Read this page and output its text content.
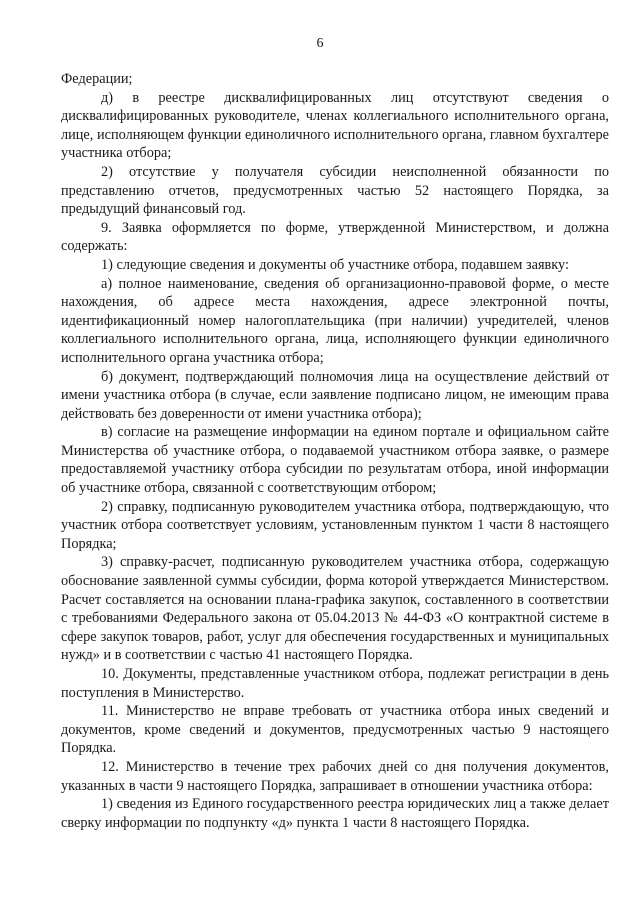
6

Федерации;

д) в реестре дисквалифицированных лиц отсутствуют сведения о дисквалифицированных руководителе, членах коллегиального исполнительного органа, лице, исполняющем функции единоличного исполнительного органа, главном бухгалтере участника отбора;

2) отсутствие у получателя субсидии неисполненной обязанности по представлению отчетов, предусмотренных частью 52 настоящего Порядка, за предыдущий финансовый год.

9. Заявка оформляется по форме, утвержденной Министерством, и должна содержать:

1) следующие сведения и документы об участнике отбора, подавшем заявку:

а) полное наименование, сведения об организационно-правовой форме, о месте нахождения, об адресе места нахождения, адресе электронной почты, идентификационный номер налогоплательщика (при наличии) учредителей, членов коллегиального исполнительного органа, лица, исполняющего функции единоличного исполнительного органа участника отбора;

б) документ, подтверждающий полномочия лица на осуществление действий от имени участника отбора (в случае, если заявление подписано лицом, не имеющим права действовать без доверенности от имени участника отбора);

в) согласие на размещение информации на едином портале и официальном сайте Министерства об участнике отбора, о подаваемой участником отбора заявке, о размере предоставляемой участнику отбора субсидии по результатам отбора, иной информации об участнике отбора, связанной с соответствующим отбором;

2) справку, подписанную руководителем участника отбора, подтверждающую, что участник отбора соответствует условиям, установленным пунктом 1 части 8 настоящего Порядка;

3) справку-расчет, подписанную руководителем участника отбора, содержащую обоснование заявленной суммы субсидии, форма которой утверждается Министерством. Расчет составляется на основании плана-графика закупок, составленного в соответствии с требованиями Федерального закона от 05.04.2013 № 44-ФЗ «О контрактной системе в сфере закупок товаров, работ, услуг для обеспечения государственных и муниципальных нужд» и в соответствии с частью 41 настоящего Порядка.

10. Документы, представленные участником отбора, подлежат регистрации в день поступления в Министерство.

11. Министерство не вправе требовать от участника отбора иных сведений и документов, кроме сведений и документов, предусмотренных частью 9 настоящего Порядка.

12. Министерство в течение трех рабочих дней со дня получения документов, указанных в части 9 настоящего Порядка, запрашивает в отношении участника отбора:

1) сведения из Единого государственного реестра юридических лиц а также делает сверку информации по подпункту «д» пункта 1 части 8 настоящего Порядка.
